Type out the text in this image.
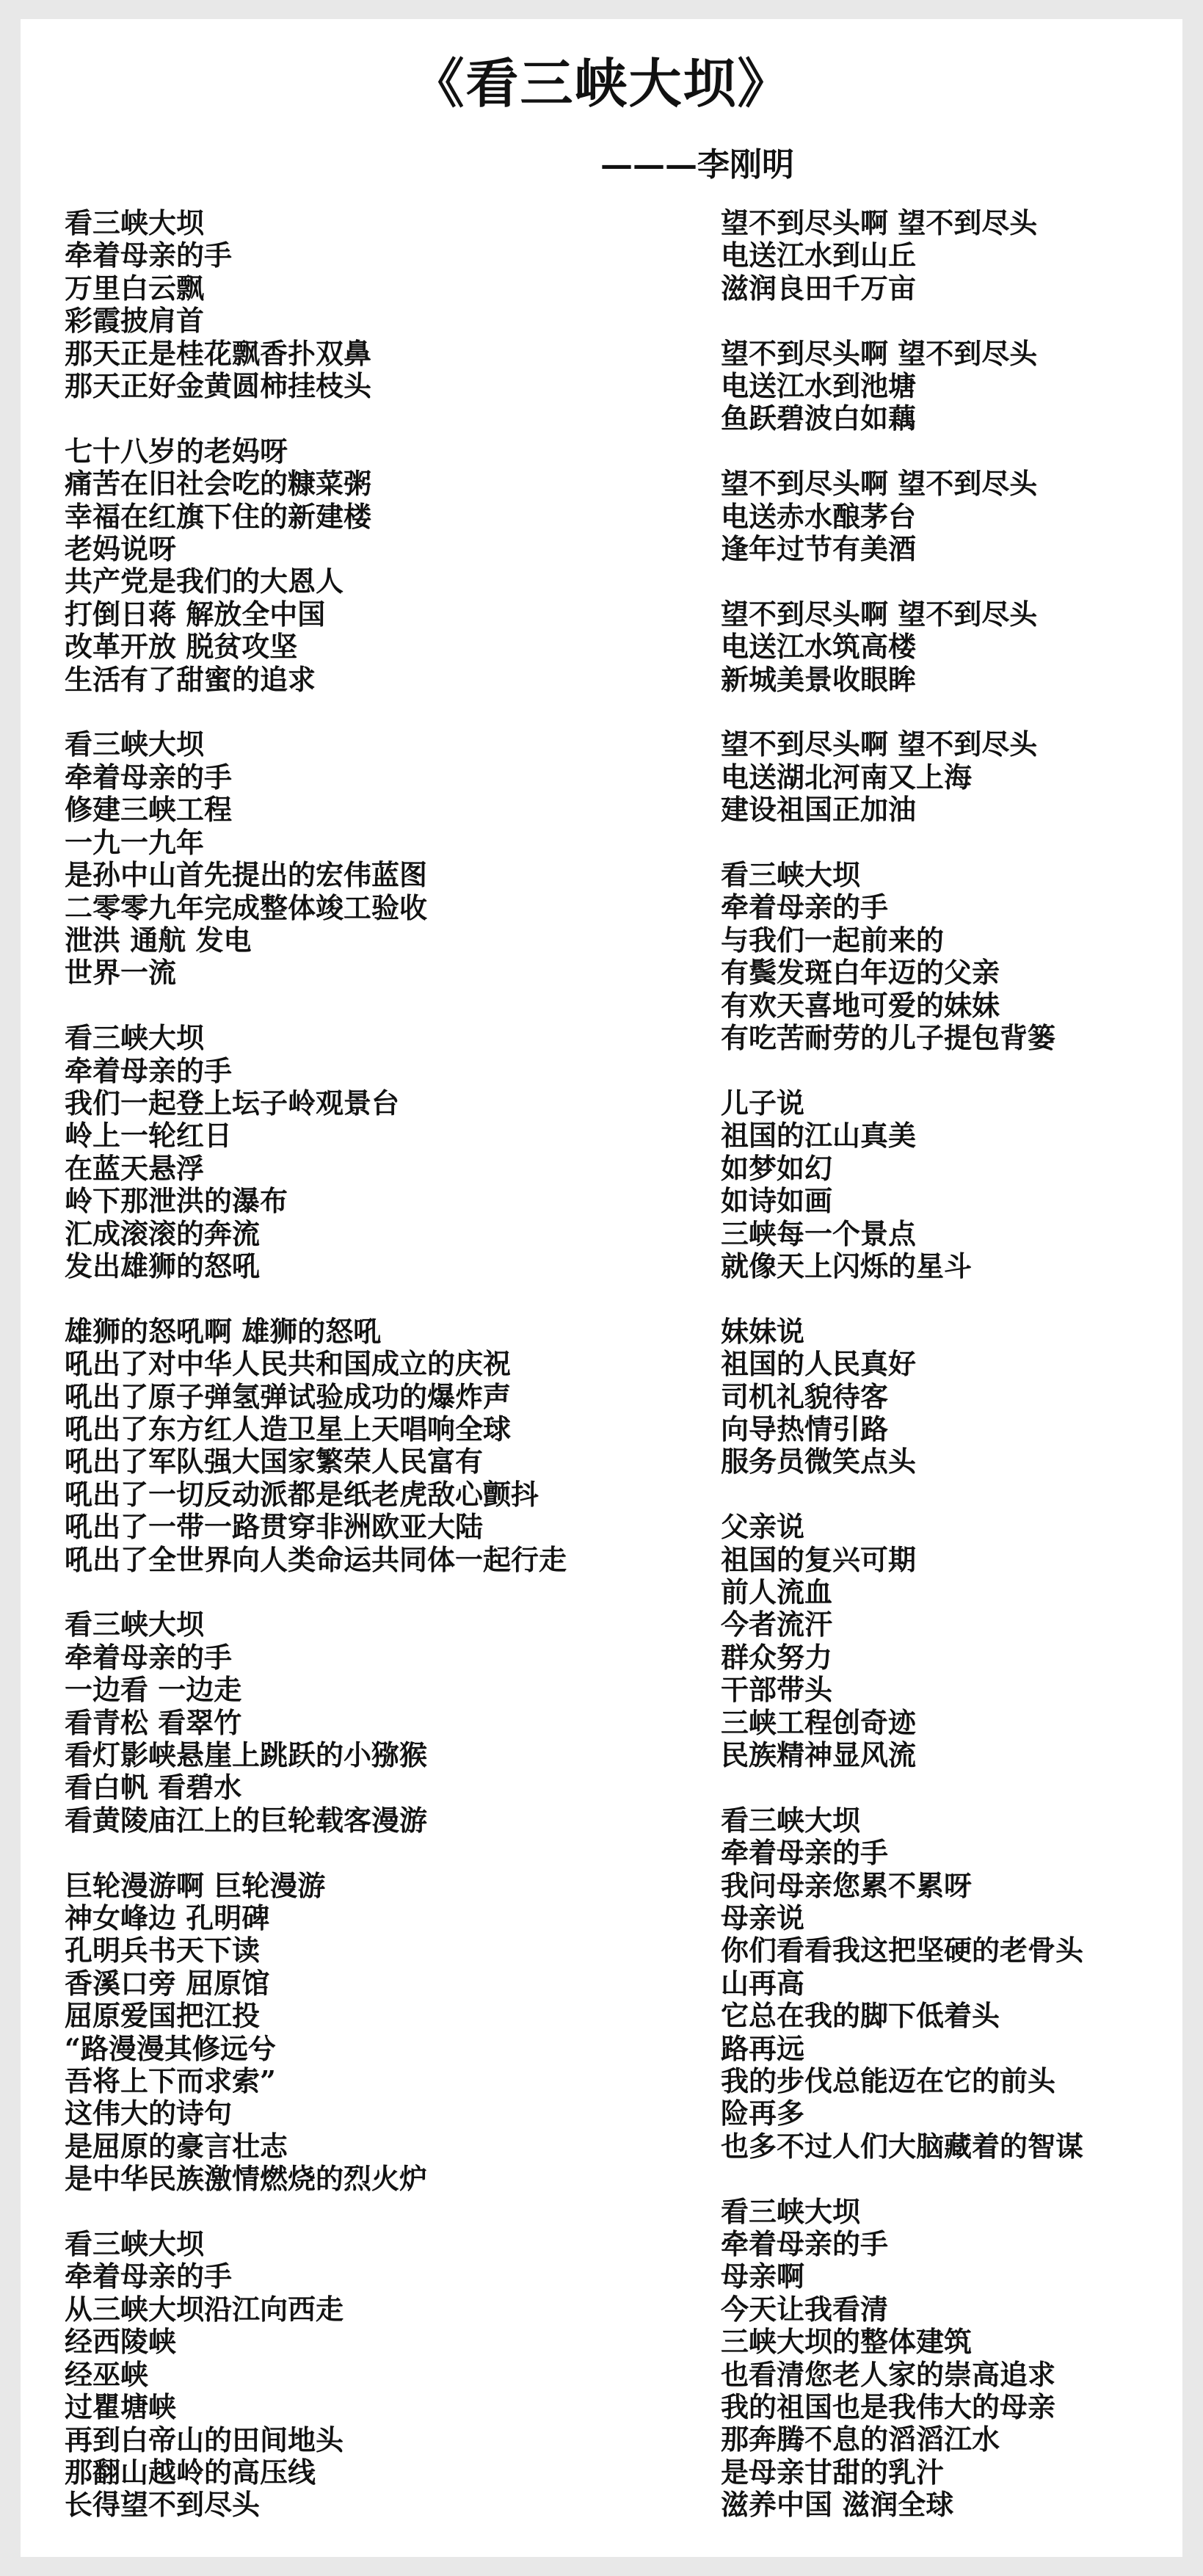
《看三峡大坝》
———李刚明
看三峡大坝
牵着母亲的手
万里白云飘
彩霞披肩首
那天正是桂花飘香扑双鼻
那天正好金黄圆柿挂枝头
七十八岁的老妈呀
痛苦在旧社会吃的糠菜粥
幸福在红旗下住的新建楼
老妈说呀
共产党是我们的大恩人
打倒日蒋 解放全中国
改革开放 脱贫攻坚
生活有了甜蜜的追求
看三峡大坝
牵着母亲的手
修建三峡工程
一九一九年
是孙中山首先提出的宏伟蓝图
二零零九年完成整体竣工验收
泄洪 通航 发电
世界一流
看三峡大坝
牵着母亲的手
我们一起登上坛子岭观景台
岭上一轮红日
在蓝天悬浮
岭下那泄洪的瀑布
汇成滚滚的奔流
发出雄狮的怒吼
雄狮的怒吼啊 雄狮的怒吼
吼出了对中华人民共和国成立的庆祝
吼出了原子弹氢弹试验成功的爆炸声
吼出了东方红人造卫星上天唱响全球
吼出了军队强大国家繁荣人民富有
吼出了一切反动派都是纸老虎敌心颤抖
吼出了一带一路贯穿非洲欧亚大陆
吼出了全世界向人类命运共同体一起行走
看三峡大坝
牵着母亲的手
一边看 一边走
看青松 看翠竹
看灯影峡悬崖上跳跃的小猕猴
看白帆 看碧水
看黄陵庙江上的巨轮载客漫游
巨轮漫游啊 巨轮漫游
神女峰边 孔明碑
孔明兵书天下读
香溪口旁 屈原馆
屈原爱国把江投
“路漫漫其修远兮
吾将上下而求索”
这伟大的诗句
是屈原的豪言壮志
是中华民族激情燃烧的烈火炉
看三峡大坝
牵着母亲的手
从三峡大坝沿江向西走
经西陵峡
经巫峡
过瞿塘峡
再到白帝山的田间地头
那翻山越岭的高压线
长得望不到尽头
望不到尽头啊 望不到尽头
电送江水到山丘
滋润良田千万亩
望不到尽头啊 望不到尽头
电送江水到池塘
鱼跃碧波白如藕
望不到尽头啊 望不到尽头
电送赤水酿茅台
逢年过节有美酒
望不到尽头啊 望不到尽头
电送江水筑高楼
新城美景收眼眸
望不到尽头啊 望不到尽头
电送湖北河南又上海
建设祖国正加油
看三峡大坝
牵着母亲的手
与我们一起前来的
有鬓发斑白年迈的父亲
有欢天喜地可爱的妹妹
有吃苦耐劳的儿子提包背篓
儿子说
祖国的江山真美
如梦如幻
如诗如画
三峡每一个景点
就像天上闪烁的星斗
妹妹说
祖国的人民真好
司机礼貌待客
向导热情引路
服务员微笑点头
父亲说
祖国的复兴可期
前人流血
今者流汗
群众努力
干部带头
三峡工程创奇迹
民族精神显风流
看三峡大坝
牵着母亲的手
我问母亲您累不累呀
母亲说
你们看看我这把坚硬的老骨头
山再高
它总在我的脚下低着头
路再远
我的步伐总能迈在它的前头
险再多
也多不过人们大脑藏着的智谋
看三峡大坝
牵着母亲的手
母亲啊
今天让我看清
三峡大坝的整体建筑
也看清您老人家的崇高追求
我的祖国也是我伟大的母亲
那奔腾不息的滔滔江水
是母亲甘甜的乳汁
滋养中国 滋润全球
